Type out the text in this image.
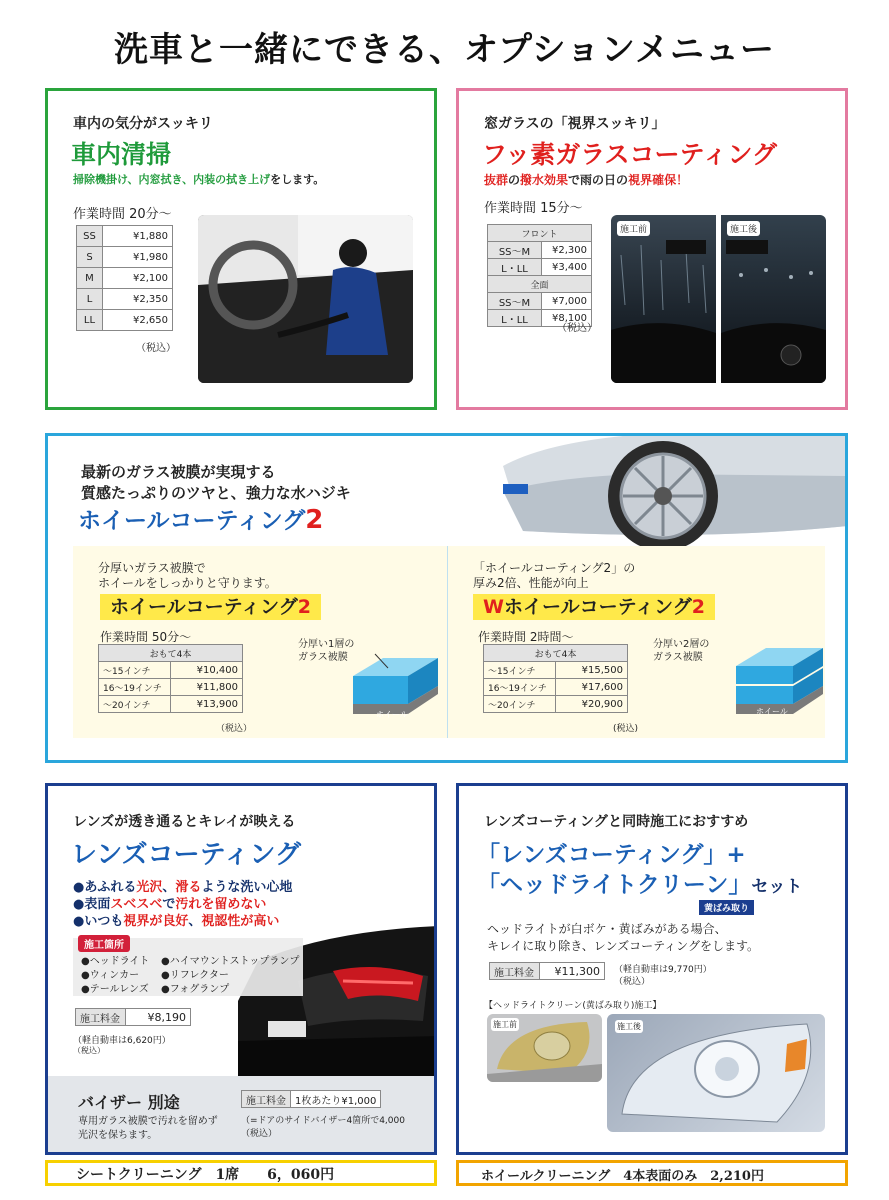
洗車と一緒にできる、オプションメニュー
車内の気分がスッキリ
車内清掃
掃除機掛け、内窓拭き、内装の拭き上げをします。
作業時間 20分〜
SS	¥1,880
S	¥1,980
M	¥2,100
L	¥2,350
LL	¥2,650
（税込）
窓ガラスの「視界スッキリ」
フッ素ガラスコーティング
抜群の撥水効果で雨の日の視界確保！
作業時間 15分〜
フロント	
SS〜M	¥2,300
L・LL	¥3,400
全面	
SS〜M	¥7,000
L・LL	¥8,100
（税込）
施工前	施工後
最新のガラス被膜が実現する
質感たっぷりのツヤと、強力な水ハジキ
ホイールコーティング2
分厚いガラス被膜で
ホイールをしっかりと守ります。
ホイールコーティング2
作業時間 50分〜
おもて4本	
〜15インチ	¥10,400
16〜19インチ	¥11,800
〜20インチ	¥13,900
（税込）
分厚い1層の
ガラス被膜
ホイール
「ホイールコーティング2」の
厚み2倍、性能が向上
Wホイールコーティング2
作業時間 2時間〜
おもて4本	
〜15インチ	¥15,500
16〜19インチ	¥17,600
〜20インチ	¥20,900
(税込)
分厚い2層の
ガラス被膜
ホイール
レンズが透き通るとキレイが映える
レンズコーティング
●あふれる光沢、滑るような洗い心地
●表面スベスベで汚れを留めない
●いつも視界が良好、視認性が高い
施工箇所
●ヘッドライト ●ハイマウントストップランプ
●ウィンカー ●リフレクター
●テールレンズ ●フォグランプ
施工料金	¥8,190
（軽自動車は6,620円）
（税込）
バイザー 別途
専用ガラス被膜で汚れを留めず
光沢を保ちます。
施工料金	1枚あたり¥1,000
（=ドアのサイドバイザー4箇所で4,000
（税込）
レンズコーティングと同時施工におすすめ
「レンズコーティング」+
「ヘッドライトクリーン」セット
黄ばみ取り
ヘッドライトが白ボケ・黄ばみがある場合、
キレイに取り除き、レンズコーティングをします。
施工料金	¥11,300 （軽自動車は9,770円）
（税込）
【ヘッドライトクリーン(黄ばみ取り)施工】
施工前	施工後
シートクリーニング　1席　　6，060円	ホイールクリーニング　4本表面のみ　2,210円
